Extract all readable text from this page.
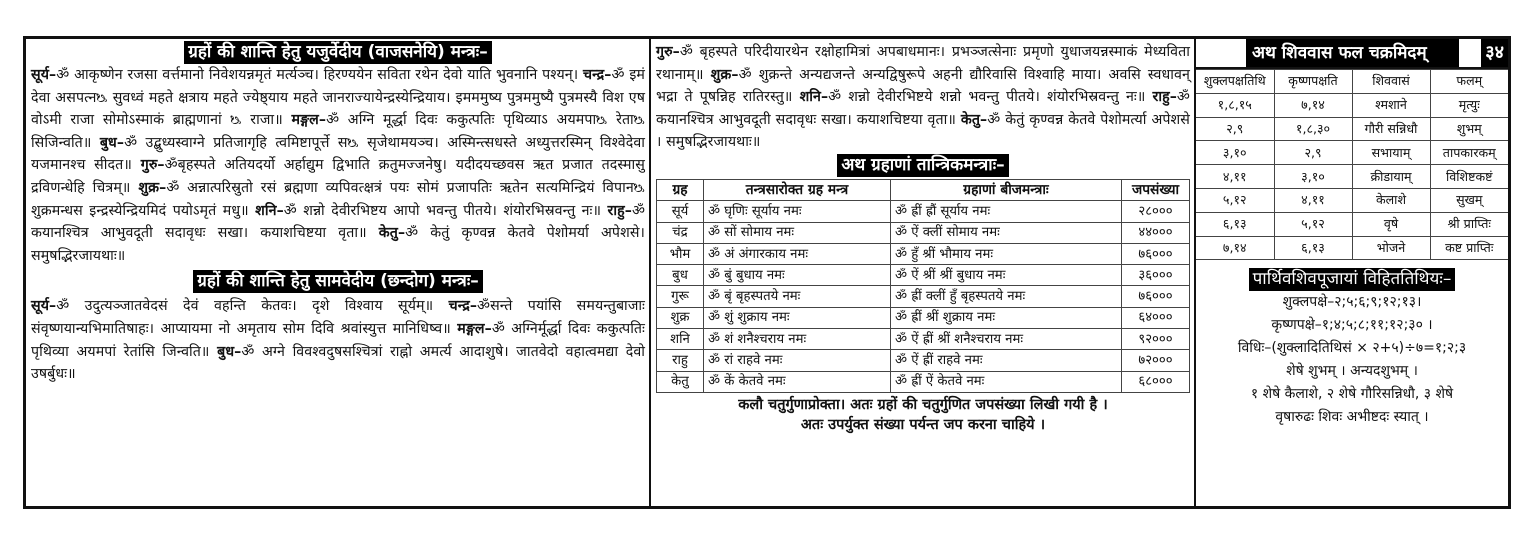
ग्रहों की शान्ति हेतु यजुर्वेदीय (वाजसनेयि) मन्त्रः–

सूर्य–ॐ आकृष्णेन रजसा वर्त्तमानो निवेशयन्नमृतं मर्त्यञ्च। हिरण्ययेन सविता रथेन देवो याति भुवनानि पश्यन्। चन्द्र–ॐ इमं देवा असपत्नᳬ सुवध्वं महते क्षत्राय महते ज्येष्ठ्याय महते जानराज्यायेन्द्रस्येन्द्रियाय। इमममुष्य पुत्रममुष्यै पुत्रमस्यै विश एष वोऽमी राजा सोमोऽस्माकं ब्राह्मणानां ᳬ राजा॥ मङ्गल–ॐ अग्नि मूर्द्धा दिवः ककुत्पतिः पृथिव्याऽ अयमपाᳬ रेताᳬ सिजिन्वति॥ बुध–ॐ उद्बुध्यस्वाग्ने प्रतिजागृहि त्वमिष्टापूर्त्ते सᳬ सृजेथामयञ्च। अस्मिन्त्सधस्ते अध्युत्तरस्मिन् विश्वेदेवा यजमानश्च सीदत॥ गुरु–ॐबृहस्पते अतियदर्यो अर्हाद्युम द्विभाति क्रतुमज्जनेषु। यदीदयच्छवस ऋत प्रजात तदस्मासु द्रविणन्धेहि चित्रम्॥ शुक्र–ॐ अन्नात्परिस्रुतो रसं ब्रह्मणा व्यपिवत्क्षत्रं पयः सोमं प्रजापतिः ऋतेन सत्यमिन्द्रियं विपानᳬ शुक्रमन्धस इन्द्रस्येन्द्रियमिदं पयोऽमृतं मधु॥ शनि–ॐ शन्नो देवीरभिष्टय आपो भवन्तु पीतये। शंयोरभिस्रवन्तु नः॥ राहु–ॐ कयानश्चित्र आभुवदूती सदावृधः सखा। कयाशचिष्टया वृता॥ केतु–ॐ केतुं कृण्वन्न केतवे पेशोमर्या अपेशसे। समुषद्भिरजायथाः॥

ग्रहों की शान्ति हेतु सामवेदीय (छन्दोग) मन्त्रः–

सूर्य–ॐ उदुत्यञ्जातवेदसं देवं वहन्ति केतवः। दृशे विश्वाय सूर्यम्॥ चन्द्र–ॐसन्ते पयांसि समयन्तुबाजाः संवृष्णयान्यभिमातिषाहः। आप्यायमा नो अमृताय सोम दिवि श्रवांस्युत्त मानिधिष्व॥ मङ्गल–ॐ अग्निर्मूर्द्धा दिवः ककुत्पतिः पृथिव्या अयमपां रेतांसि जिन्वति॥ बुध–ॐ अग्ने विवश्वदुषसश्चित्रां राह्नो अमर्त्य आदाशुषे। जातवेदो वहात्वमद्या देवो उषर्बुधः॥

गुरु–ॐ बृहस्पते परिदीयारथेन रक्षोहामित्रां अपबाधमानः। प्रभञ्जत्सेनाः प्रमृणो युधाजयन्नस्माकं मेध्यविता रथानाम्॥ शुक्र–ॐ शुक्रन्ते अन्यद्यजन्ते अन्यद्विषुरूपे अहनी द्यौरिवासि विश्वाहि माया। अवसि स्वधावन् भद्रा ते पूषन्निह रातिरस्तु॥ शनि–ॐ शन्नो देवीरभिष्टये शन्नो भवन्तु पीतये। शंयोरभिस्रवन्तु नः॥ राहु–ॐ कयानश्चित्र आभुवदूती सदावृधः सखा। कयाशचिष्टया वृता॥ केतु–ॐ केतुं कृण्वन्न केतवे पेशोमर्त्या अपेशसे । समुषद्भिरजायथाः॥

अथ ग्रहाणां तान्त्रिकमन्त्राः–
ग्रह	तन्त्रसारोक्त ग्रह मन्त्र	ग्रहाणां बीजमन्त्राः	जपसंख्या
सूर्य	ॐ घृणिः सूर्याय नमः	ॐ ह्रीं ह्रौं सूर्याय नमः	२८०००
चंद्र	ॐ सों सोमाय नमः	ॐ ऐं क्लीं सोमाय नमः	४४०००
भौम	ॐ अं अंगारकाय नमः	ॐ हुँ श्रीं भौमाय नमः	७६०००
बुध	ॐ बुं बुधाय नमः	ॐ ऐं श्रीं श्रीं बुधाय नमः	३६०००
गुरू	ॐ बृं बृहस्पतये नमः	ॐ ह्रीं क्लीं हुँ बृहस्पतये नमः	७६०००
शुक्र	ॐ शुं शुक्राय नमः	ॐ ह्रीं श्रीं शुक्राय नमः	६४०००
शनि	ॐ शं शनैश्चराय नमः	ॐ ऐं ह्रीं श्रीं शनैश्चराय नमः	९२०००
राहु	ॐ रां राहवे नमः	ॐ ऐं ह्रीं राहवे नमः	७२०००
केतु	ॐ कें केतवे नमः	ॐ ह्रीं ऐं केतवे नमः	६८०००
कलौ चतुर्गुणाप्रोक्ता। अतः ग्रहों की चतुर्गुणित जपसंख्या लिखी गयी है ।
अतः उपर्युक्त संख्या पर्यन्त जप करना चाहिये ।
अथ शिववास फल चक्रमिदम्	३४
शुक्लपक्षतिथि	कृष्णपक्षति	शिववासं	फलम्
१,८,१५	७,१४	श्मशाने	मृत्युः
२,९	१,८,३०	गौरी सन्निधौ	शुभम्
३,१०	२,९	सभायाम्	तापकारकम्
४,११	३,१०	क्रीडायाम्	विशिष्टकष्टं
५,१२	४,११	केलाशे	सुखम्
६,१३	५,१२	वृषे	श्री प्राप्तिः
७,१४	६,१३	भोजने	कष्ट प्राप्तिः
पार्थिवशिवपूजायां विहिततिथियः–
शुक्लपक्षे–२;५;६;९;१२;१३।
कृष्णपक्षे–१;४;५;८;११;१२;३० ।
विधिः–(शुक्लादितिथिसं × २+५)÷७=१;२;३
शेषे शुभम् । अन्यदशुभम् ।
१ शेषे कैलाशे, २ शेषे गौरिसन्निधौ, ३ शेषे
वृषारुढः शिवः अभीष्टदः स्यात् ।
